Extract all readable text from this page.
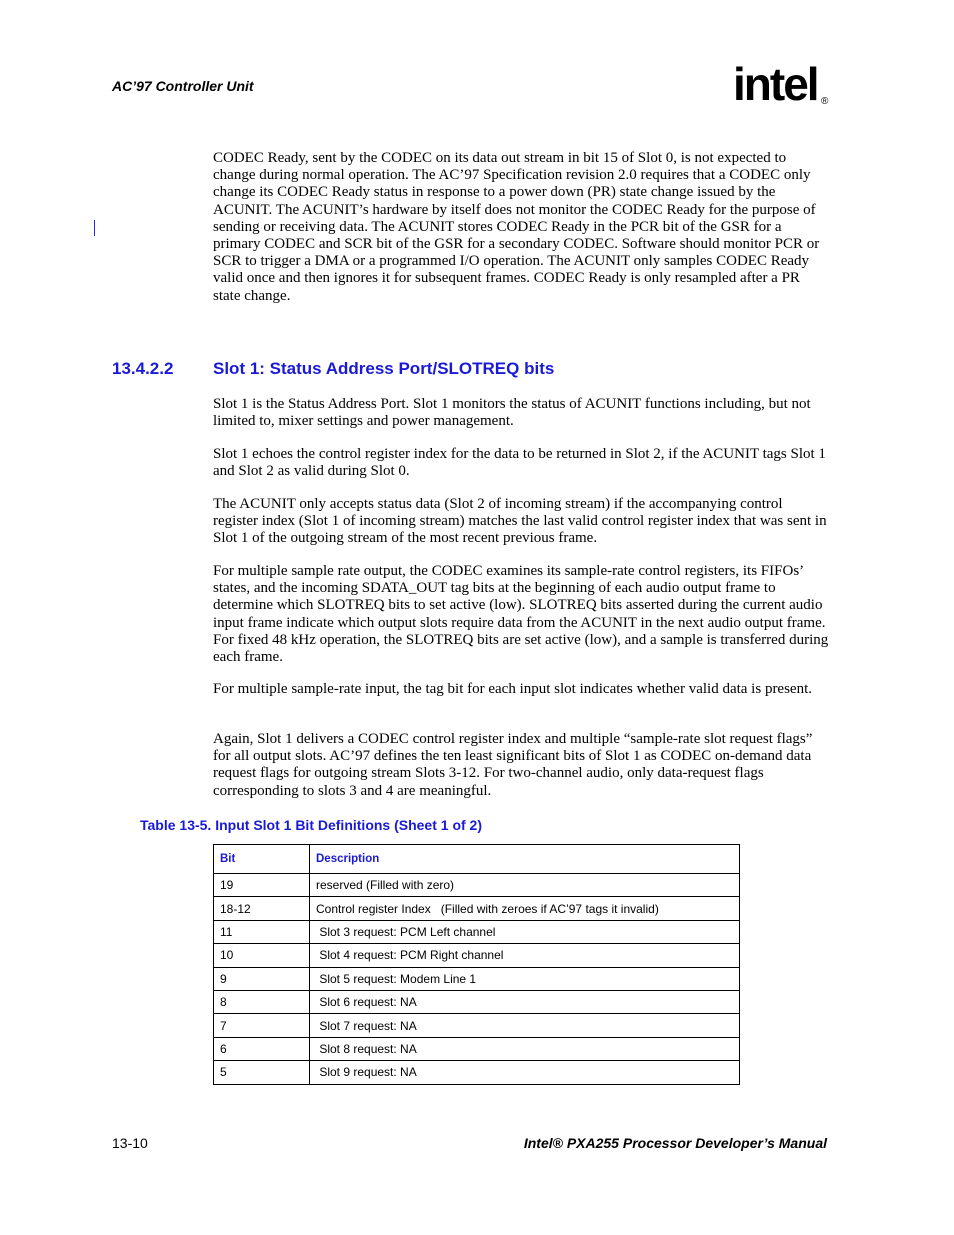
AC’97 Controller Unit	intel ®

CODEC Ready, sent by the CODEC on its data out stream in bit 15 of Slot 0, is not expected to change during normal operation. The AC’97 Specification revision 2.0 requires that a CODEC only change its CODEC Ready status in response to a power down (PR) state change issued by the ACUNIT. The ACUNIT’s hardware by itself does not monitor the CODEC Ready for the purpose of sending or receiving data. The ACUNIT stores CODEC Ready in the PCR bit of the GSR for a primary CODEC and SCR bit of the GSR for a secondary CODEC. Software should monitor PCR or SCR to trigger a DMA or a programmed I/O operation. The ACUNIT only samples CODEC Ready valid once and then ignores it for subsequent frames. CODEC Ready is only resampled after a PR state change.

13.4.2.2 Slot 1: Status Address Port/SLOTREQ bits

Slot 1 is the Status Address Port. Slot 1 monitors the status of ACUNIT functions including, but not limited to, mixer settings and power management.

Slot 1 echoes the control register index for the data to be returned in Slot 2, if the ACUNIT tags Slot 1 and Slot 2 as valid during Slot 0.

The ACUNIT only accepts status data (Slot 2 of incoming stream) if the accompanying control register index (Slot 1 of incoming stream) matches the last valid control register index that was sent in Slot 1 of the outgoing stream of the most recent previous frame.

For multiple sample rate output, the CODEC examines its sample-rate control registers, its FIFOs’ states, and the incoming SDATA_OUT tag bits at the beginning of each audio output frame to determine which SLOTREQ bits to set active (low). SLOTREQ bits asserted during the current audio input frame indicate which output slots require data from the ACUNIT in the next audio output frame. For fixed 48 kHz operation, the SLOTREQ bits are set active (low), and a sample is transferred during each frame.

For multiple sample-rate input, the tag bit for each input slot indicates whether valid data is present.

Again, Slot 1 delivers a CODEC control register index and multiple “sample-rate slot request flags” for all output slots. AC’97 defines the ten least significant bits of Slot 1 as CODEC on-demand data request flags for outgoing stream Slots 3-12. For two-channel audio, only data-request flags corresponding to slots 3 and 4 are meaningful.

Table 13-5. Input Slot 1 Bit Definitions (Sheet 1 of 2)
Bit	Description
19	reserved (Filled with zero)
18-12	Control register Index   (Filled with zeroes if AC’97 tags it invalid)
11	Slot 3 request: PCM Left channel
10	Slot 4 request: PCM Right channel
9	Slot 5 request: Modem Line 1
8	Slot 6 request: NA
7	Slot 7 request: NA
6	Slot 8 request: NA
5	Slot 9 request: NA
13-10	Intel® PXA255 Processor Developer’s Manual
